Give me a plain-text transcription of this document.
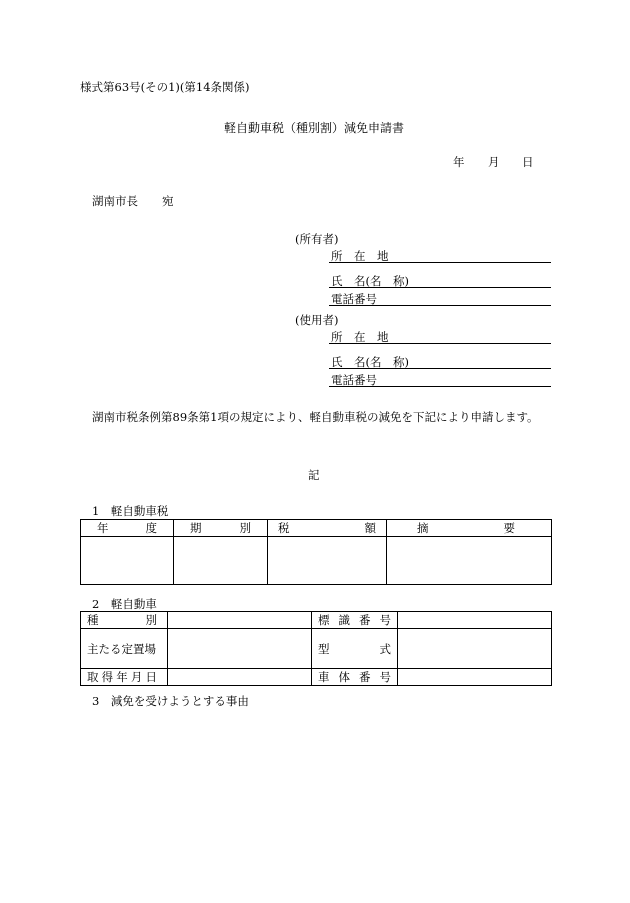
様式第63号(その1)(第14条関係)
軽自動車税（種別割）減免申請書
年 月 日
湖南市長 宛
(所有者)
所　在　地
氏　名(名　称)
電話番号
(使用者)
所　在　地
氏　名(名　称)
電話番号
湖南市税条例第89条第1項の規定により、軽自動車税の減免を下記により申請します。
記
1　軽自動車税
年 度	期 別	税 額	摘 要

2　軽自動車
種 別		標 識 番 号	

主たる定置場		型 式	

取 得 年 月 日		車 体 番 号	

3　減免を受けようとする事由
